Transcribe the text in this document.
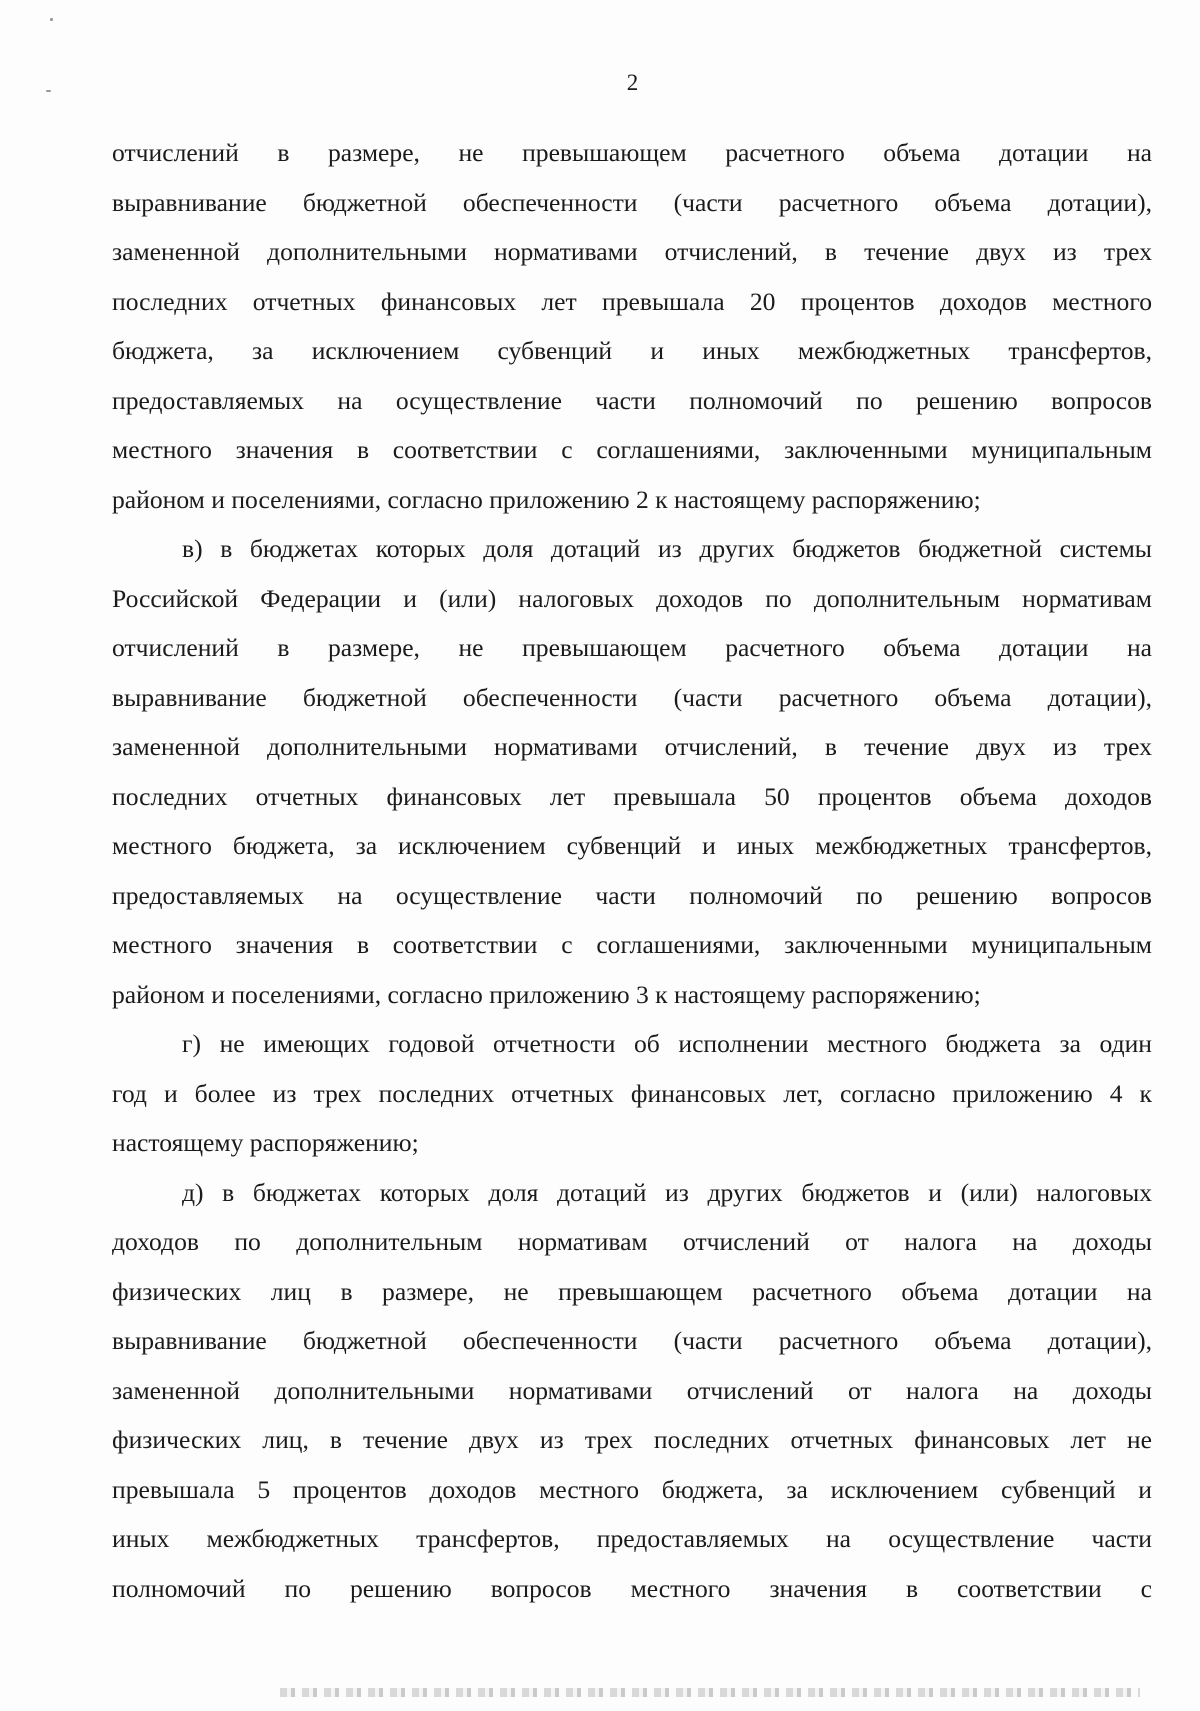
2
отчислений в размере, не превышающем расчетного объема дотации на
выравнивание бюджетной обеспеченности (части расчетного объема дотации),
замененной дополнительными нормативами отчислений, в течение двух из трех
последних отчетных финансовых лет превышала 20 процентов доходов местного
бюджета, за исключением субвенций и иных межбюджетных трансфертов,
предоставляемых на осуществление части полномочий по решению вопросов
местного значения в соответствии с соглашениями, заключенными муниципальным
районом и поселениями, согласно приложению 2 к настоящему распоряжению;
в) в бюджетах которых доля дотаций из других бюджетов бюджетной системы
Российской Федерации и (или) налоговых доходов по дополнительным нормативам
отчислений в размере, не превышающем расчетного объема дотации на
выравнивание бюджетной обеспеченности (части расчетного объема дотации),
замененной дополнительными нормативами отчислений, в течение двух из трех
последних отчетных финансовых лет превышала 50 процентов объема доходов
местного бюджета, за исключением субвенций и иных межбюджетных трансфертов,
предоставляемых на осуществление части полномочий по решению вопросов
местного значения в соответствии с соглашениями, заключенными муниципальным
районом и поселениями, согласно приложению 3 к настоящему распоряжению;
г) не имеющих годовой отчетности об исполнении местного бюджета за один
год и более из трех последних отчетных финансовых лет, согласно приложению 4 к
настоящему распоряжению;
д) в бюджетах которых доля дотаций из других бюджетов и (или) налоговых
доходов по дополнительным нормативам отчислений от налога на доходы
физических лиц в размере, не превышающем расчетного объема дотации на
выравнивание бюджетной обеспеченности (части расчетного объема дотации),
замененной дополнительными нормативами отчислений от налога на доходы
физических лиц, в течение двух из трех последних отчетных финансовых лет не
превышала 5 процентов доходов местного бюджета, за исключением субвенций и
иных межбюджетных трансфертов, предоставляемых на осуществление части
полномочий по решению вопросов местного значения в соответствии с
